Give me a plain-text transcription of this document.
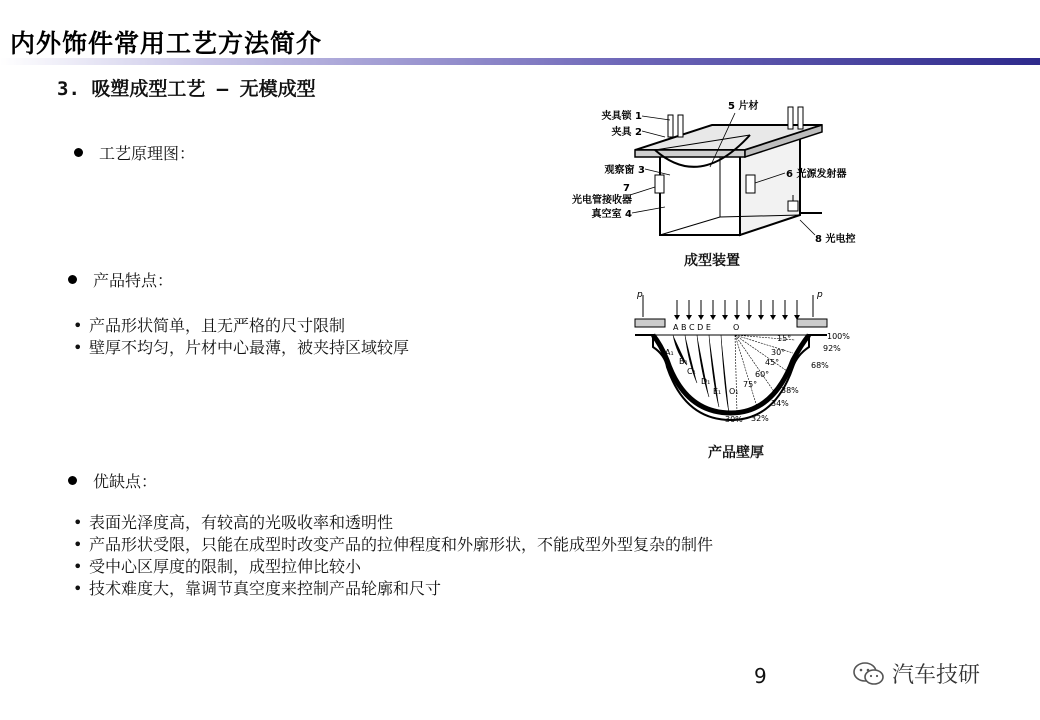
内外饰件常用工艺方法简介
3. 吸塑成型工艺 – 无模成型
工艺原理图：
产品特点：
• 产品形状简单，且无严格的尺寸限制
• 壁厚不均匀，片材中心最薄，被夹持区域较厚
优缺点：
• 表面光泽度高，有较高的光吸收率和透明性
• 产品形状受限，只能在成型时改变产品的拉伸程度和外廓形状，不能成型外型复杂的制件
• 受中心区厚度的限制，成型拉伸比较小
• 技术难度大，靠调节真空度来控制产品轮廓和尺寸
夹具锁 1
夹具 2
观察窗 3
7
光电管接收器
真空室 4
5 片材
6 光源发射器
8 光电控
成型装置
p	p
A B C D E	O
15°
30°
45°
60°
75°
100%
92%
68%
38%
34%
32%
30%
A₁
B₁
C₁
D₁
E₁ O₁
产品壁厚
9	汽车技研
